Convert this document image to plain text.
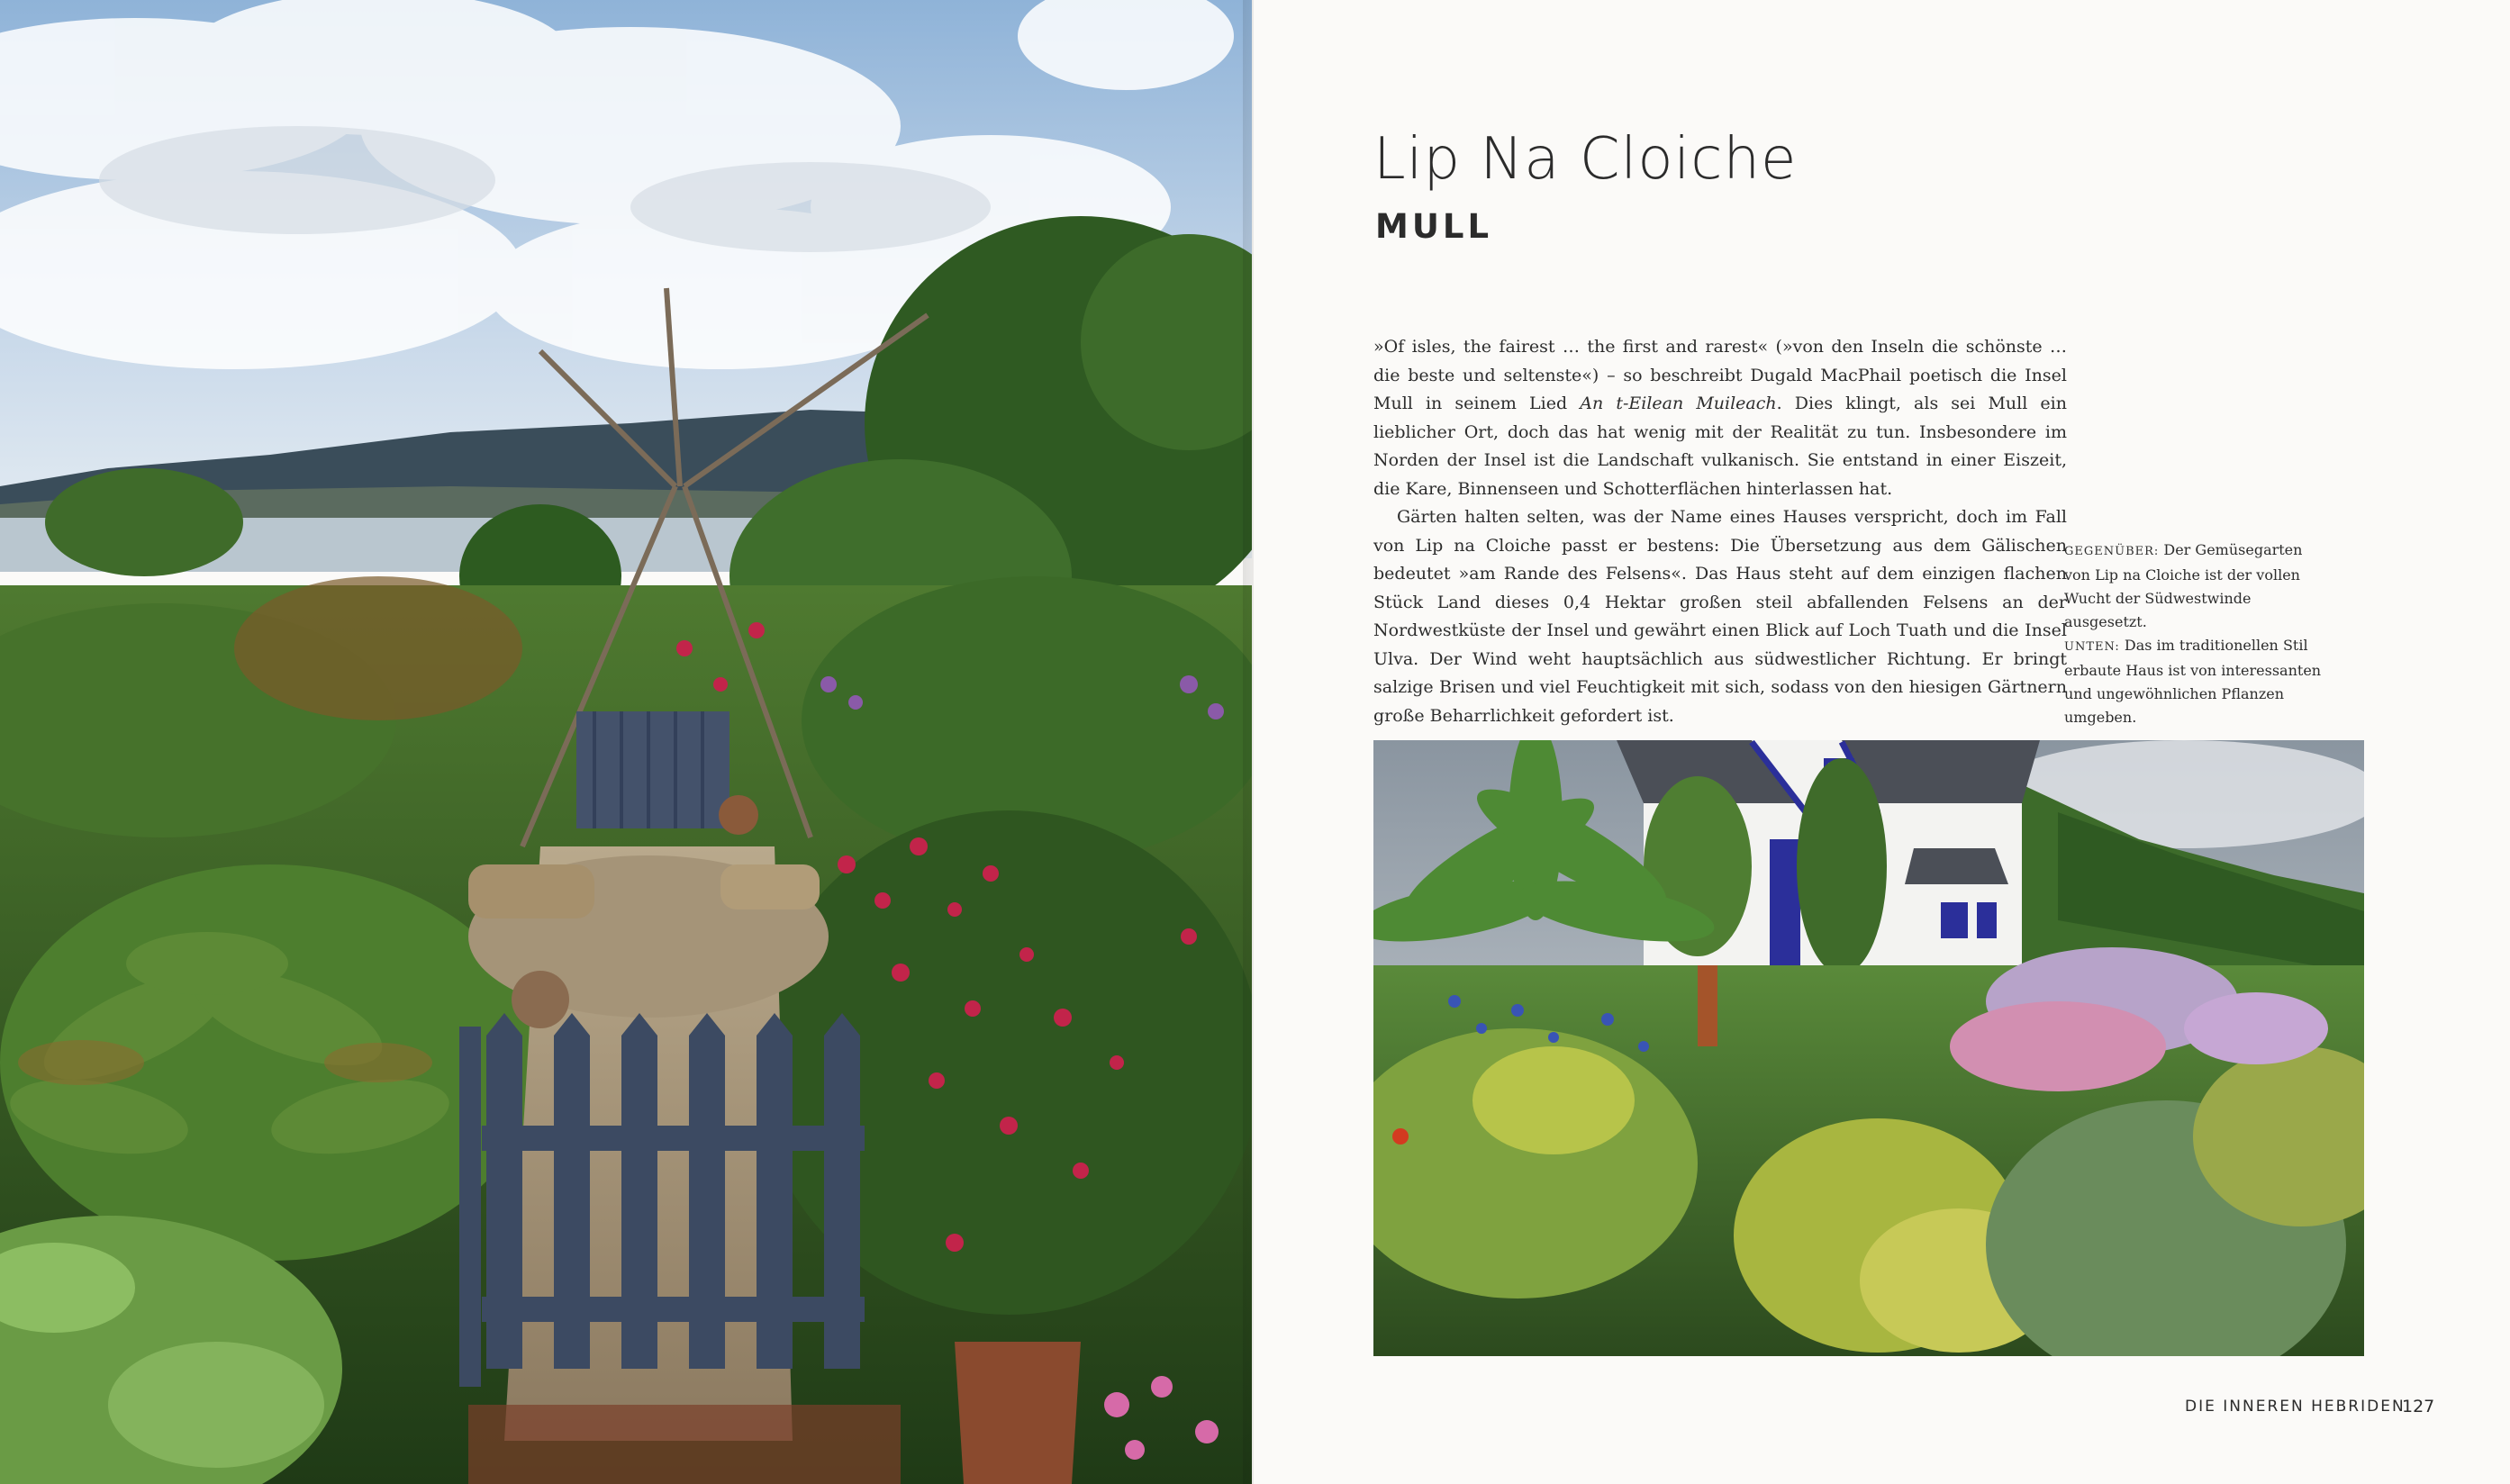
Lip Na Cloiche
MULL

»Of isles, the fairest … the first and rarest« (»von den Inseln die schönste … die beste und seltenste«) – so beschreibt Dugald MacPhail poetisch die Insel Mull in seinem Lied An t-Eilean Muileach. Dies klingt, als sei Mull ein lieblicher Ort, doch das hat wenig mit der Realität zu tun. Insbesondere im Norden der Insel ist die Landschaft vulkanisch. Sie entstand in einer Eiszeit, die Kare, Binnenseen und Schotterflächen hinterlassen hat.

Gärten halten selten, was der Name eines Hauses verspricht, doch im Fall von Lip na Cloiche passt er bestens: Die Übersetzung aus dem Gälischen bedeutet »am Rande des Felsens«. Das Haus steht auf dem einzigen flachen Stück Land dieses 0,4 Hektar großen steil abfallenden Felsens an der Nordwestküste der Insel und gewährt einen Blick auf Loch Tuath und die Insel Ulva. Der Wind weht hauptsächlich aus südwestlicher Richtung. Er bringt salzige Brisen und viel Feuchtigkeit mit sich, sodass von den hiesigen Gärtnern große Beharrlichkeit gefordert ist.

GEGENÜBER: Der Gemüsegarten von Lip na Cloiche ist der vollen Wucht der Südwestwinde ausgesetzt.

UNTEN: Das im traditionellen Stil erbaute Haus ist von interessanten und ungewöhnlichen Pflanzen umgeben.

DIE INNEREN HEBRIDEN
127
